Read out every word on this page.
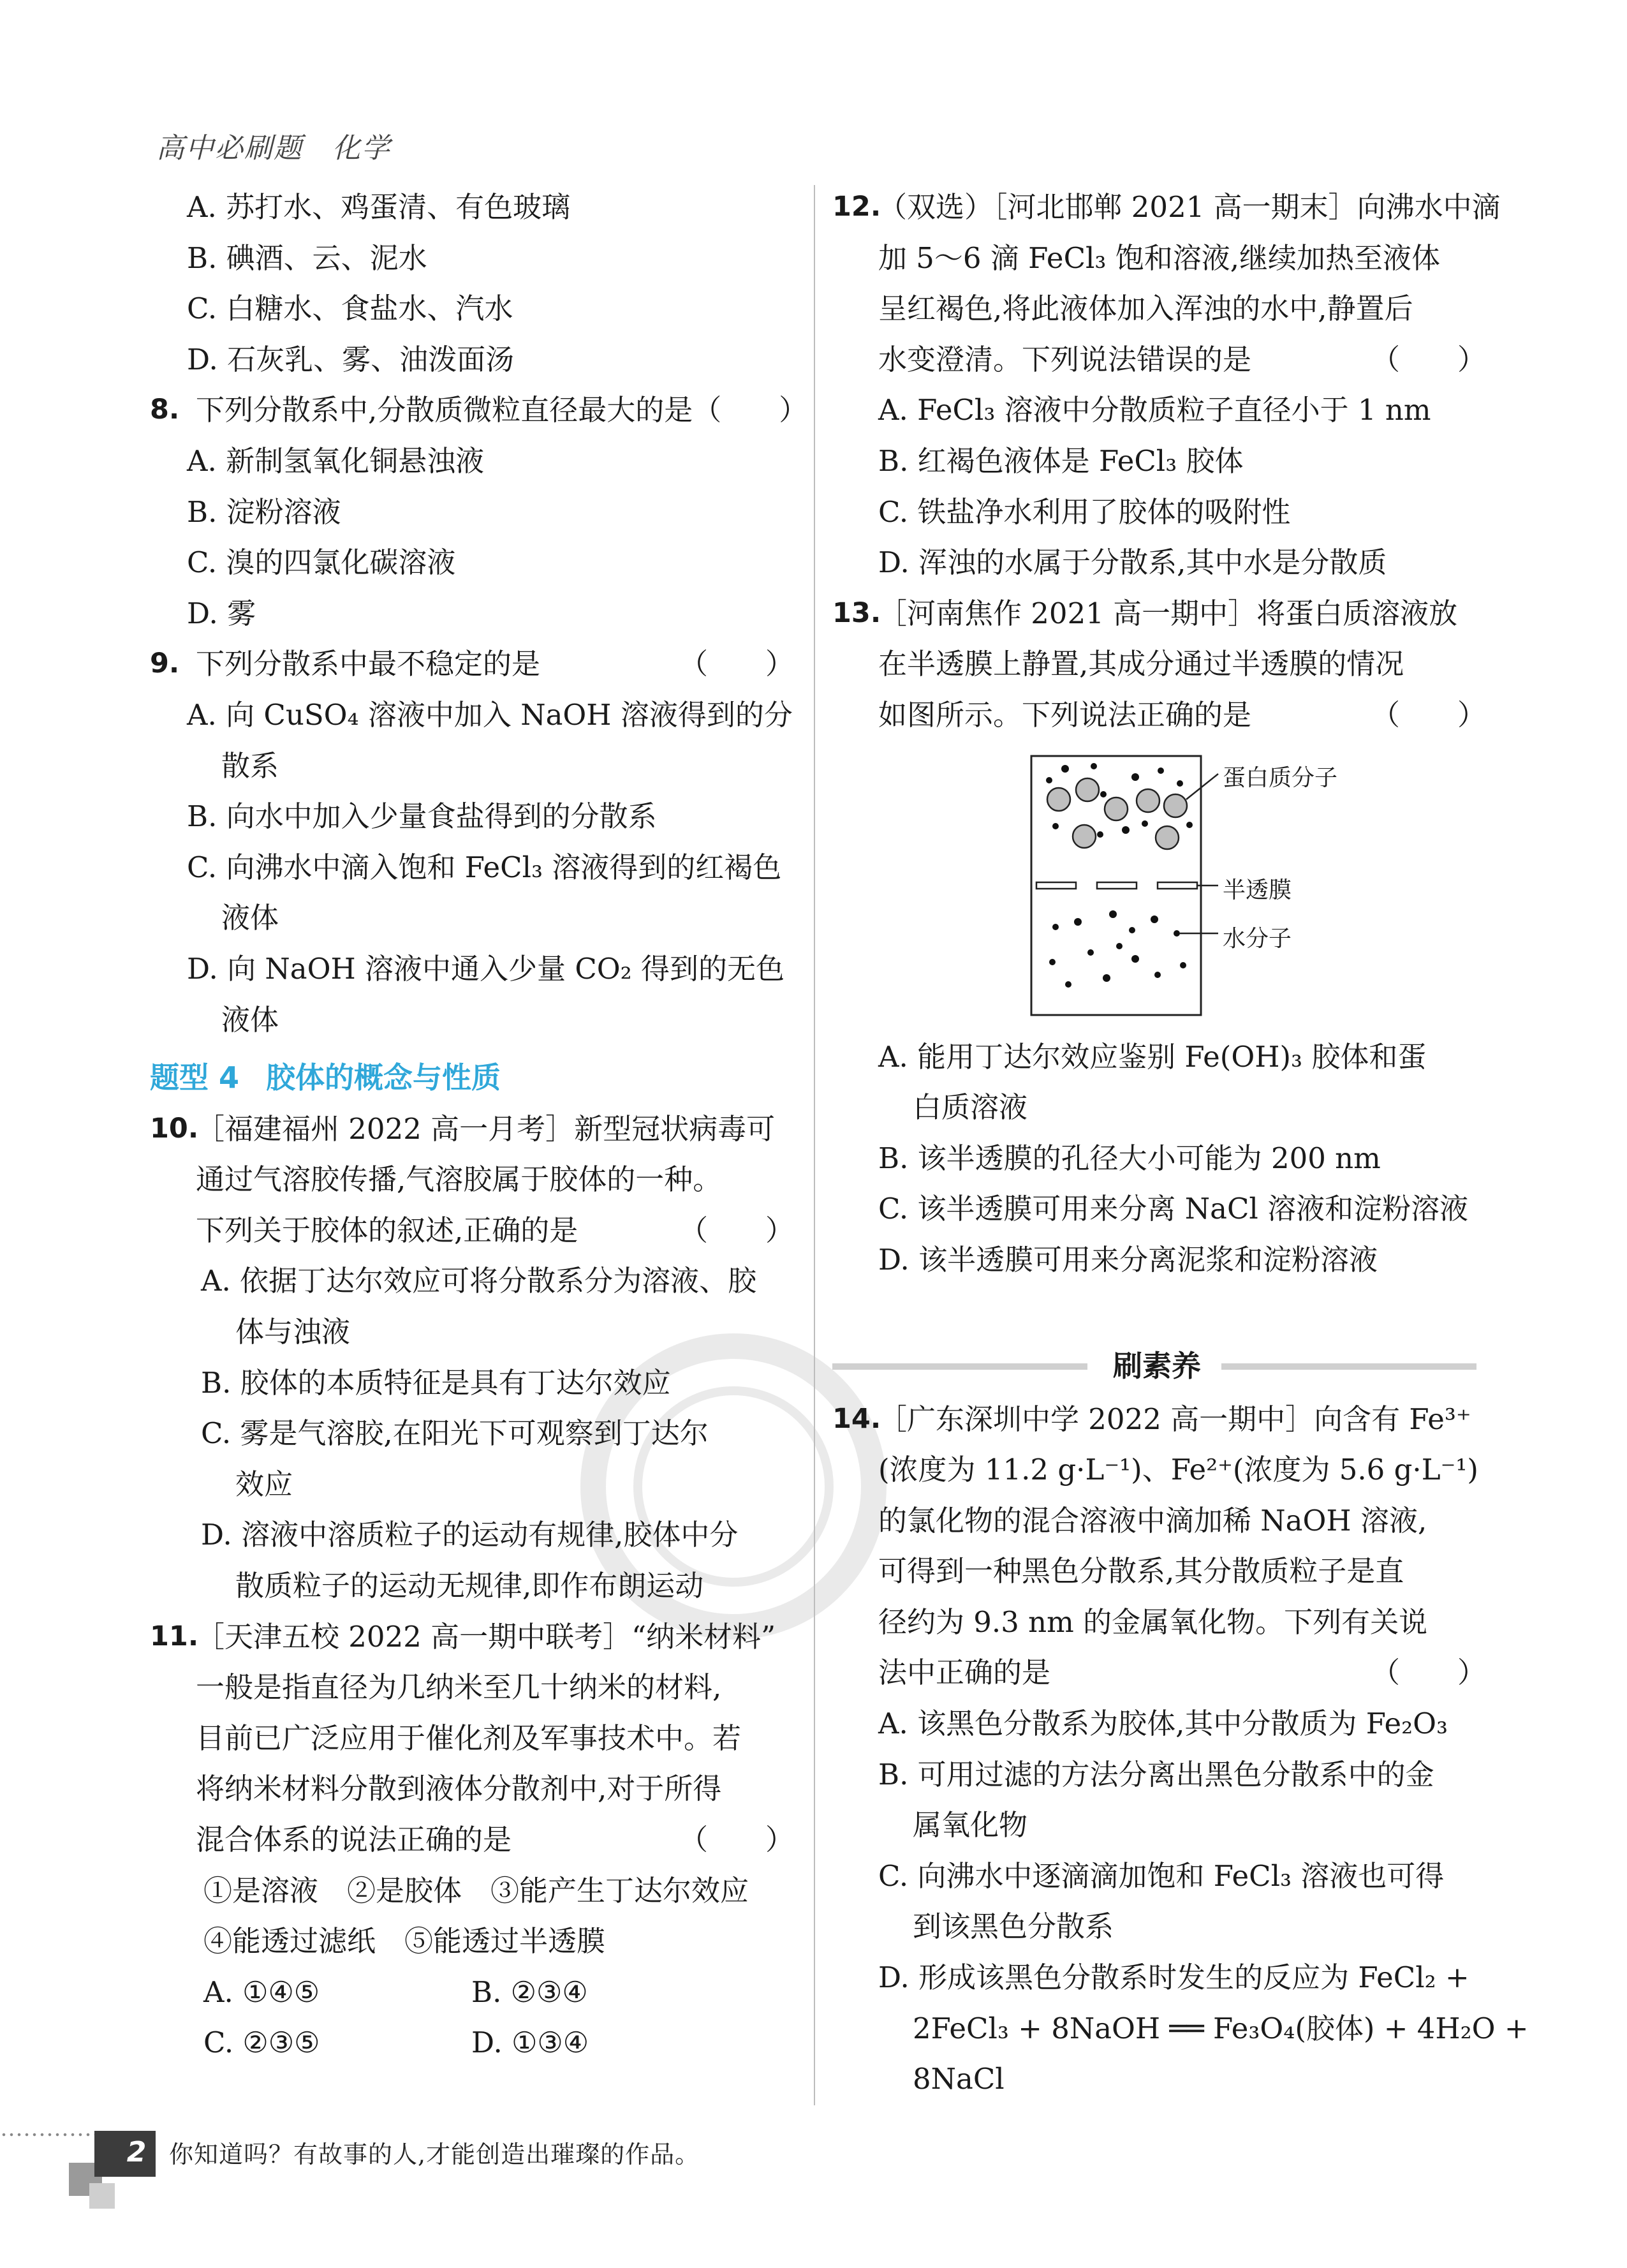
高中必刷题　化学
A. 苏打水、鸡蛋清、有色玻璃
B. 碘酒、云、泥水
C. 白糖水、食盐水、汽水
D. 石灰乳、雾、油泼面汤
8. 下列分散系中,分散质微粒直径最大的是（　　）
A. 新制氢氧化铜悬浊液
B. 淀粉溶液
C. 溴的四氯化碳溶液
D. 雾
9. 下列分散系中最不稳定的是	（　　）
A. 向 CuSO₄ 溶液中加入 NaOH 溶液得到的分
散系
B. 向水中加入少量食盐得到的分散系
C. 向沸水中滴入饱和 FeCl₃ 溶液得到的红褐色
液体
D. 向 NaOH 溶液中通入少量 CO₂ 得到的无色
液体
题型 4 胶体的概念与性质
10.
［福建福州 2022 高一月考］新型冠状病毒可
通过气溶胶传播,气溶胶属于胶体的一种。
下列关于胶体的叙述,正确的是	（　　）
A. 依据丁达尔效应可将分散系分为溶液、胶
体与浊液
B. 胶体的本质特征是具有丁达尔效应
C. 雾是气溶胶,在阳光下可观察到丁达尔
效应
D. 溶液中溶质粒子的运动有规律,胶体中分
散质粒子的运动无规律,即作布朗运动
11.
［天津五校 2022 高一期中联考］“纳米材料”
一般是指直径为几纳米至几十纳米的材料,
目前已广泛应用于催化剂及军事技术中。若
将纳米材料分散到液体分散剂中,对于所得
混合体系的说法正确的是	（　　）
①是溶液　②是胶体　③能产生丁达尔效应
④能透过滤纸　⑤能透过半透膜
A. ①④⑤	B. ②③④
C. ②③⑤	D. ①③④
12.
（双选）［河北邯郸 2021 高一期末］向沸水中滴
加 5～6 滴 FeCl₃ 饱和溶液,继续加热至液体
呈红褐色,将此液体加入浑浊的水中,静置后
水变澄清。下列说法错误的是	（　　）
A. FeCl₃ 溶液中分散质粒子直径小于 1 nm
B. 红褐色液体是 FeCl₃ 胶体
C. 铁盐净水利用了胶体的吸附性
D. 浑浊的水属于分散系,其中水是分散质
13.
［河南焦作 2021 高一期中］将蛋白质溶液放
在半透膜上静置,其成分通过半透膜的情况
如图所示。下列说法正确的是	（　　）
蛋白质分子
半透膜
水分子
A. 能用丁达尔效应鉴别 Fe(OH)₃ 胶体和蛋
白质溶液
B. 该半透膜的孔径大小可能为 200 nm
C. 该半透膜可用来分离 NaCl 溶液和淀粉溶液
D. 该半透膜可用来分离泥浆和淀粉溶液
刷素养
14.
［广东深圳中学 2022 高一期中］向含有 Fe³⁺
(浓度为 11.2 g·L⁻¹)、Fe²⁺(浓度为 5.6 g·L⁻¹)
的氯化物的混合溶液中滴加稀 NaOH 溶液,
可得到一种黑色分散系,其分散质粒子是直
径约为 9.3 nm 的金属氧化物。下列有关说
法中正确的是	（　　）
A. 该黑色分散系为胶体,其中分散质为 Fe₂O₃
B. 可用过滤的方法分离出黑色分散系中的金
属氧化物
C. 向沸水中逐滴滴加饱和 FeCl₃ 溶液也可得
到该黑色分散系
D. 形成该黑色分散系时发生的反应为 FeCl₂ +
2FeCl₃ + 8NaOH ══ Fe₃O₄(胶体) + 4H₂O +
8NaCl
2 你知道吗？有故事的人,才能创造出璀璨的作品。
